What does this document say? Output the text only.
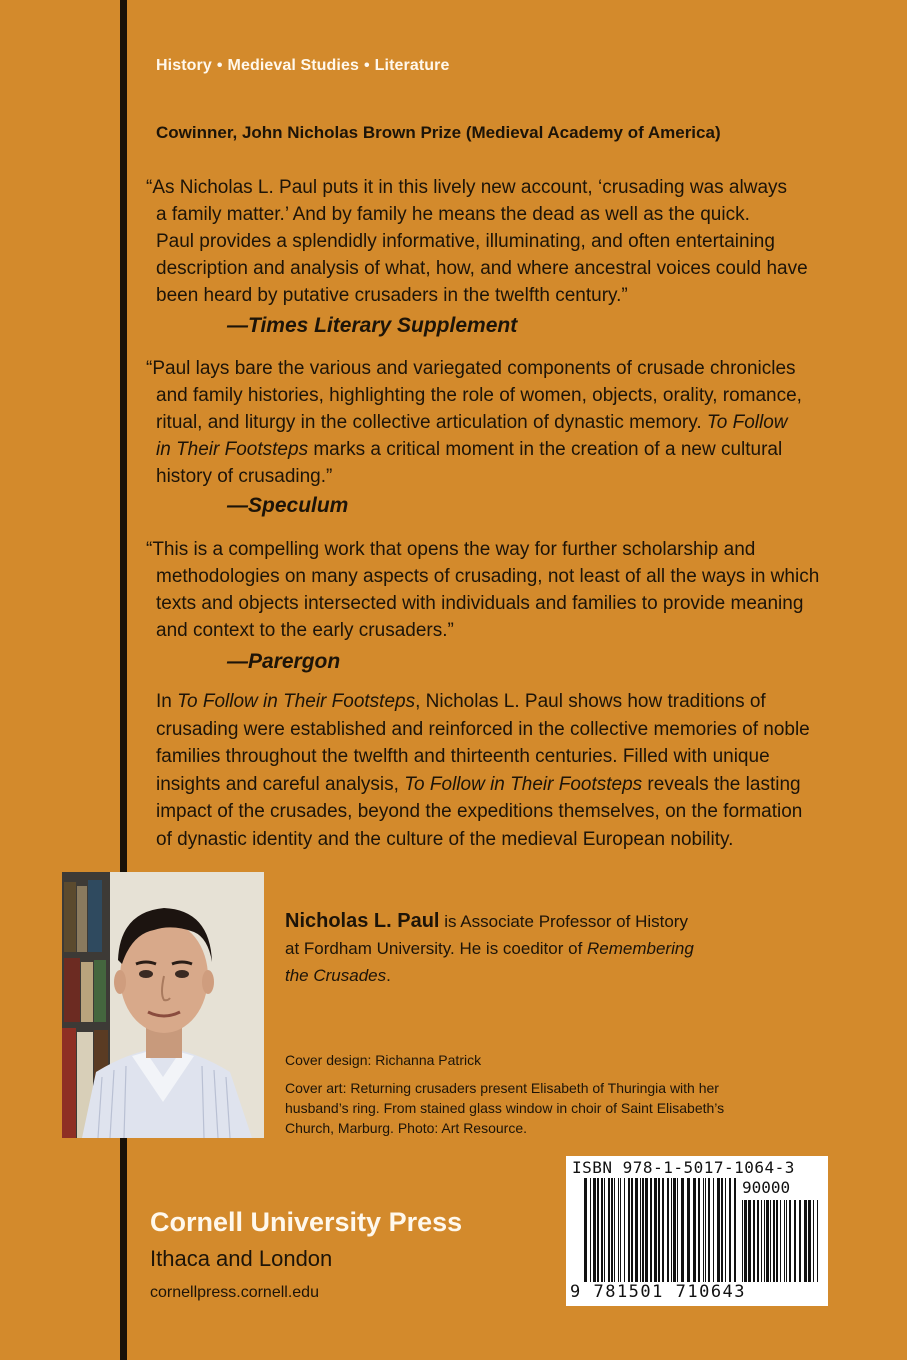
History • Medieval Studies • Literature
Cowinner, John Nicholas Brown Prize (Medieval Academy of America)

“As Nicholas L. Paul puts it in this lively new account, ‘crusading was always

a family matter.’ And by family he means the dead as well as the quick.

Paul provides a splendidly informative, illuminating, and often entertaining

description and analysis of what, how, and where ancestral voices could have

been heard by putative crusaders in the twelfth century.”

—Times Literary Supplement

“Paul lays bare the various and variegated components of crusade chronicles

and family histories, highlighting the role of women, objects, orality, romance,

ritual, and liturgy in the collective articulation of dynastic memory. To Follow

in Their Footsteps marks a critical moment in the creation of a new cultural

history of crusading.”

—Speculum

“This is a compelling work that opens the way for further scholarship and

methodologies on many aspects of crusading, not least of all the ways in which

texts and objects intersected with individuals and families to provide meaning

and context to the early crusaders.”

—Parergon

In To Follow in Their Footsteps, Nicholas L. Paul shows how traditions of

crusading were established and reinforced in the collective memories of noble

families throughout the twelfth and thirteenth centuries. Filled with unique

insights and careful analysis, To Follow in Their Footsteps reveals the lasting

impact of the crusades, beyond the expeditions themselves, on the formation

of dynastic identity and the culture of the medieval European nobility.

Nicholas L. Paul is Associate Professor of History

at Fordham University. He is coeditor of Remembering

the Crusades.

Cover design: Richanna Patrick

Cover art: Returning crusaders present Elisabeth of Thuringia with her
husband’s ring. From stained glass window in choir of Saint Elisabeth’s
Church, Marburg. Photo: Art Resource.
Cornell University Press
Ithaca and London
cornellpress.cornell.edu
ISBN 978-1-5017-1064-3
90000
9 781501 710643
